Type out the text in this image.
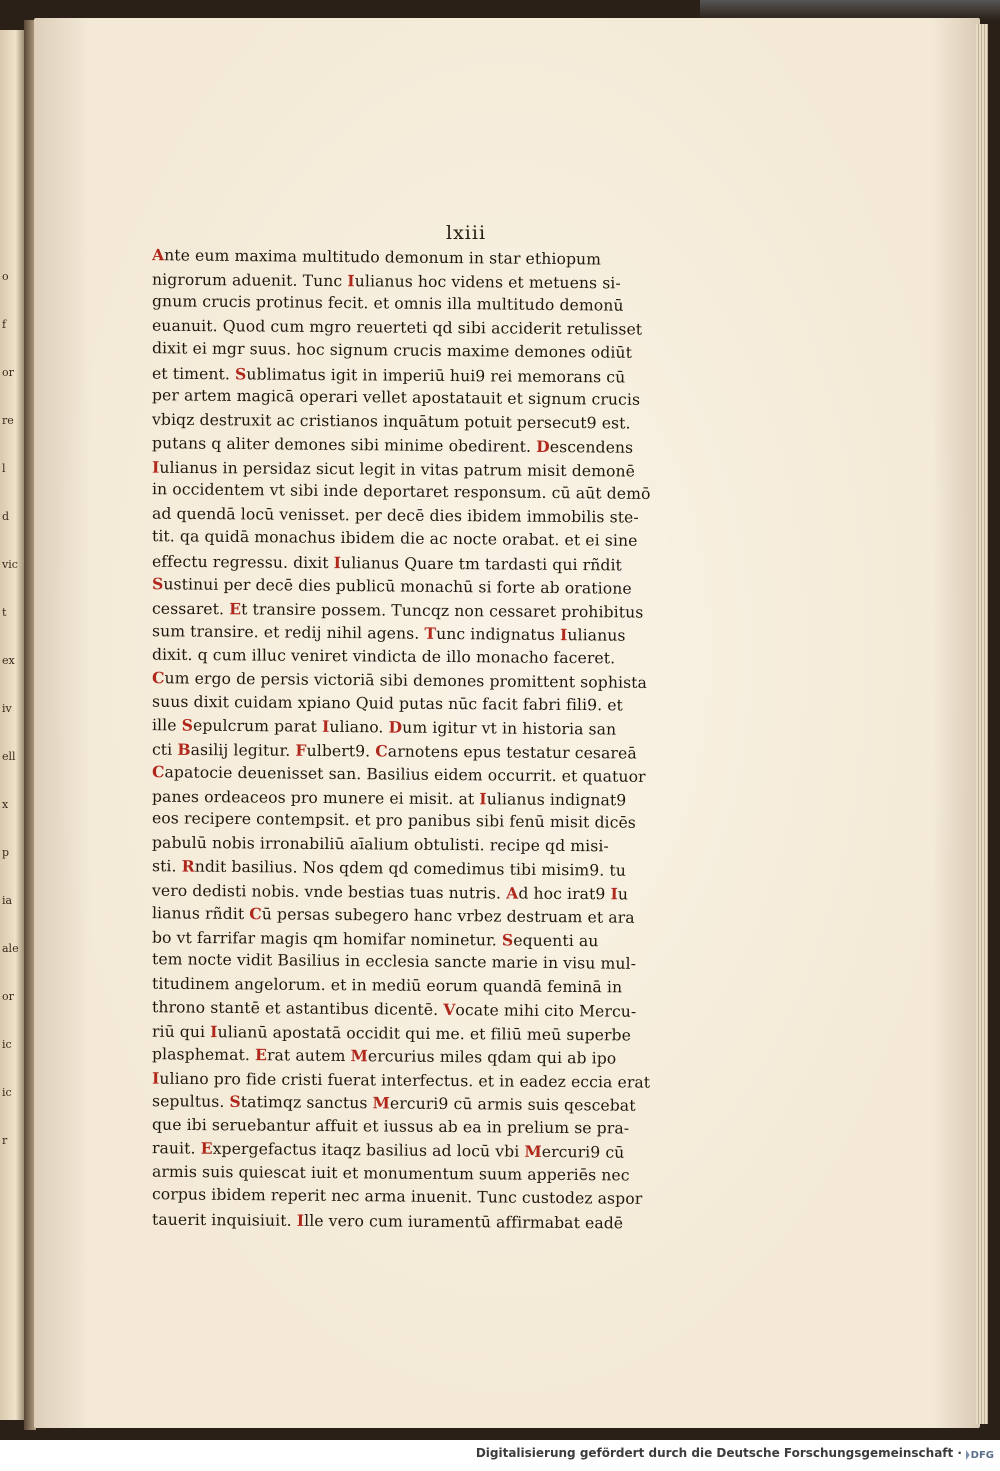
o
f
or
re
l
d
vic
t
ex
iv
ell
x
p
ia
ale
or
ic
ic
r
lxiii
Ante eum maxima multitudo demonum in star ethiopum
nigrorum aduenit. Tunc Iulianus hoc videns et metuens si-
gnum crucis protinus fecit. et omnis illa multitudo demonū
euanuit. Quod cum mgro reuerteti qd sibi acciderit retulisset
dixit ei mgr suus. hoc signum crucis maxime demones odiūt
et timent. Sublimatus igit in imperiū hui9 rei memorans cū
per artem magicā operari vellet apostatauit et signum crucis
vbiqz destruxit ac cristianos inquātum potuit persecut9 est.
putans q aliter demones sibi minime obedirent. Descendens
Iulianus in persidaz sicut legit in vitas patrum misit demonē
in occidentem vt sibi inde deportaret responsum. cū aūt demō
ad quendā locū venisset. per decē dies ibidem immobilis ste-
tit. qa quidā monachus ibidem die ac nocte orabat. et ei sine
effectu regressu. dixit Iulianus Quare tm tardasti qui rñdit
Sustinui per decē dies publicū monachū si forte ab oratione
cessaret. Et transire possem. Tuncqz non cessaret prohibitus
sum transire. et redij nihil agens. Tunc indignatus Iulianus
dixit. q cum illuc veniret vindicta de illo monacho faceret.
Cum ergo de persis victoriā sibi demones promittent sophista
suus dixit cuidam xpiano Quid putas nūc facit fabri fili9. et
ille Sepulcrum parat Iuliano. Dum igitur vt in historia san
cti Basilij legitur. Fulbert9. Carnotens epus testatur cesareā
Capatocie deuenisset san. Basilius eidem occurrit. et quatuor
panes ordeaceos pro munere ei misit. at Iulianus indignat9
eos recipere contempsit. et pro panibus sibi fenū misit dicēs
pabulū nobis irronabiliū aīalium obtulisti. recipe qd misi-
sti. Rndit basilius. Nos qdem qd comedimus tibi misim9. tu
vero dedisti nobis. vnde bestias tuas nutris. Ad hoc irat9 Iu
lianus rñdit Cū persas subegero hanc vrbez destruam et ara
bo vt farrifar magis qm homifar nominetur. Sequenti au
tem nocte vidit Basilius in ecclesia sancte marie in visu mul-
titudinem angelorum. et in mediū eorum quandā feminā in
throno stantē et astantibus dicentē. Vocate mihi cito Mercu-
riū qui Iulianū apostatā occidit qui me. et filiū meū superbe
plasphemat. Erat autem Mercurius miles qdam qui ab ipo
Iuliano pro fide cristi fuerat interfectus. et in eadez eccia erat
sepultus. Statimqz sanctus Mercuri9 cū armis suis qescebat
que ibi seruebantur affuit et iussus ab ea in prelium se pra-
rauit. Expergefactus itaqz basilius ad locū vbi Mercuri9 cū
armis suis quiescat iuit et monumentum suum apperiēs nec
corpus ibidem reperit nec arma inuenit. Tunc custodez aspor
tauerit inquisiuit. Ille vero cum iuramentū affirmabat eadē
Digitalisierung gefördert durch die Deutsche Forschungsgemeinschaft · DFG
